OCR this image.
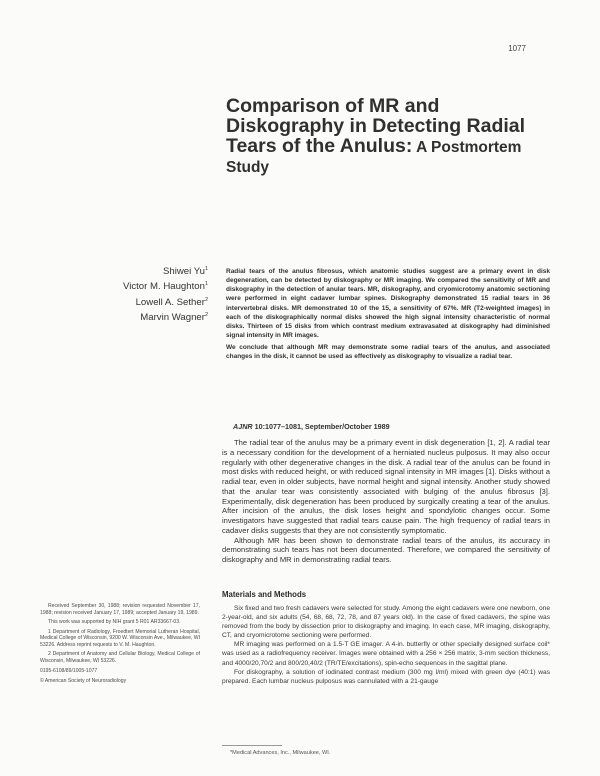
1077
Comparison of MR and
Diskography in Detecting Radial
Tears of the Anulus: A Postmortem
Study
Shiwei Yu$^1$
Victor M. Haughton$^1$
Lowell A. Sether$^2$
Marvin Wagner$^2$

Radial tears of the anulus fibrosus, which anatomic studies suggest are a primary event in disk degeneration, can be detected by diskography or MR imaging. We compared the sensitivity of MR and diskography in the detection of anular tears. MR, diskography, and cryomicrotomy anatomic sectioning were performed in eight cadaver lumbar spines. Diskography demonstrated 15 radial tears in 36 intervertebral disks. MR demonstrated 10 of the 15, a sensitivity of 67%. MR (T2-weighted images) in each of the diskographically normal disks showed the high signal intensity characteristic of normal disks. Thirteen of 15 disks from which contrast medium extravasated at diskography had diminished signal intensity in MR images.

We conclude that although MR may demonstrate some radial tears of the anulus, and associated changes in the disk, it cannot be used as effectively as diskography to visualize a radial tear.

AJNR 10:1077–1081, September/October 1989

The radial tear of the anulus may be a primary event in disk degeneration [1, 2]. A radial tear is a necessary condition for the development of a herniated nucleus pulposus. It may also occur regularly with other degenerative changes in the disk. A radial tear of the anulus can be found in most disks with reduced height, or with reduced signal intensity in MR images [1]. Disks without a radial tear, even in older subjects, have normal height and signal intensity. Another study showed that the anular tear was consistently associated with bulging of the anulus fibrosus [3]. Experimentally, disk degeneration has been produced by surgically creating a tear of the anulus. After incision of the anulus, the disk loses height and spondylotic changes occur. Some investigators have suggested that radial tears cause pain. The high frequency of radial tears in cadaver disks suggests that they are not consistently symptomatic.

Although MR has been shown to demonstrate radial tears of the anulus, its accuracy in demonstrating such tears has not been documented. Therefore, we compared the sensitivity of diskography and MR in demonstrating radial tears.

Materials and Methods

Six fixed and two fresh cadavers were selected for study. Among the eight cadavers were one newborn, one 2-year-old, and six adults (54, 68, 68, 72, 78, and 87 years old). In the case of fixed cadavers, the spine was removed from the body by dissection prior to diskography and imaging. In each case, MR imaging, diskography, CT, and cryomicrotome sectioning were performed.

MR imaging was performed on a 1.5-T GE imager. A 4-in. butterfly or other specially designed surface coil* was used as a radiofrequency receiver. Images were obtained with a 256 × 256 matrix, 3-mm section thickness, and 4000/20,70/2 and 800/20,40/2 (TR/TE/excitations), spin-echo sequences in the sagittal plane.

For diskography, a solution of iodinated contrast medium (300 mg I/ml) mixed with green dye (40:1) was prepared. Each lumbar nucleus pulposus was cannulated with a 21-gauge

Received September 30, 1988; revision requested November 17, 1988; revision received January 17, 1989; accepted January 19, 1989.

This work was supported by NIH grant 5 R01 AR33667-03.

1 Department of Radiology, Froedtert Memorial Lutheran Hospital, Medical College of Wisconsin, 9200 W. Wisconsin Ave., Milwaukee, WI 53226. Address reprint requests to V. M. Haughton.

2 Department of Anatomy and Cellular Biology, Medical College of Wisconsin, Milwaukee, WI 53226.

0195-6108/89/1005-1077

© American Society of Neuroradiology

*Medical Advances, Inc., Milwaukee, WI.
